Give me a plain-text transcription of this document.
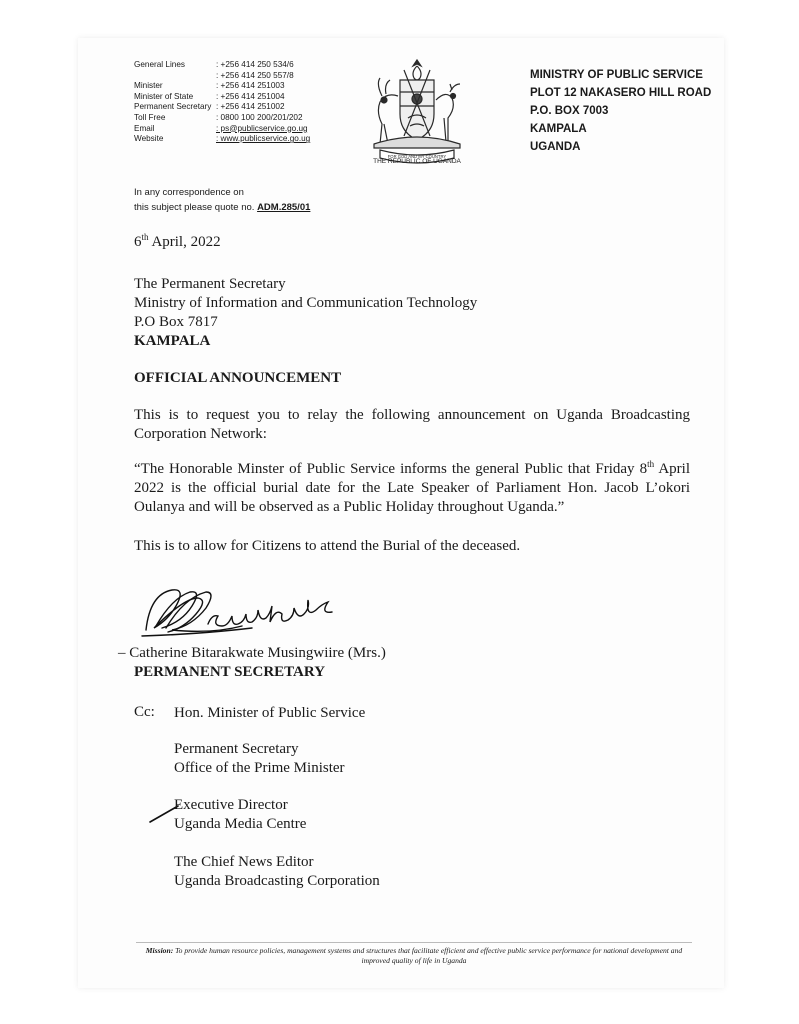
General Lines	: +256 414 250 534/6
: +256 414 250 557/8
Minister	: +256 414 251003
Minister of State	: +256 414 251004
Permanent Secretary : +256 414 251002
Toll Free	: 0800 100 200/201/202
Email	: ps@publicservice.go.ug
Website	: www.publicservice.go.ug
FOR GOD AND MY COUNTRY
THE REPUBLIC OF UGANDA
MINISTRY OF PUBLIC SERVICE
PLOT 12 NAKASERO HILL ROAD
P.O. BOX 7003
KAMPALA
UGANDA
In any correspondence on
this subject please quote no. ADM.285/01
6th April, 2022
The Permanent Secretary
Ministry of Information and Communication Technology
P.O Box 7817
KAMPALA
OFFICIAL ANNOUNCEMENT
This is to request you to relay the following announcement on Uganda Broadcasting Corporation Network:
“The Honorable Minster of Public Service informs the general Public that Friday 8th April 2022 is the official burial date for the Late Speaker of Parliament Hon. Jacob L’okori Oulanya and will be observed as a Public Holiday throughout Uganda.”
This is to allow for Citizens to attend the Burial of the deceased.
– Catherine Bitarakwate Musingwiire (Mrs.)
PERMANENT SECRETARY
Cc: Hon. Minister of Public Service
Permanent Secretary
Office of the Prime Minister
Executive Director
Uganda Media Centre
The Chief News Editor
Uganda Broadcasting Corporation
Mission: To provide human resource policies, management systems and structures that facilitate efficient and effective public service performance for national development and improved quality of life in Uganda
